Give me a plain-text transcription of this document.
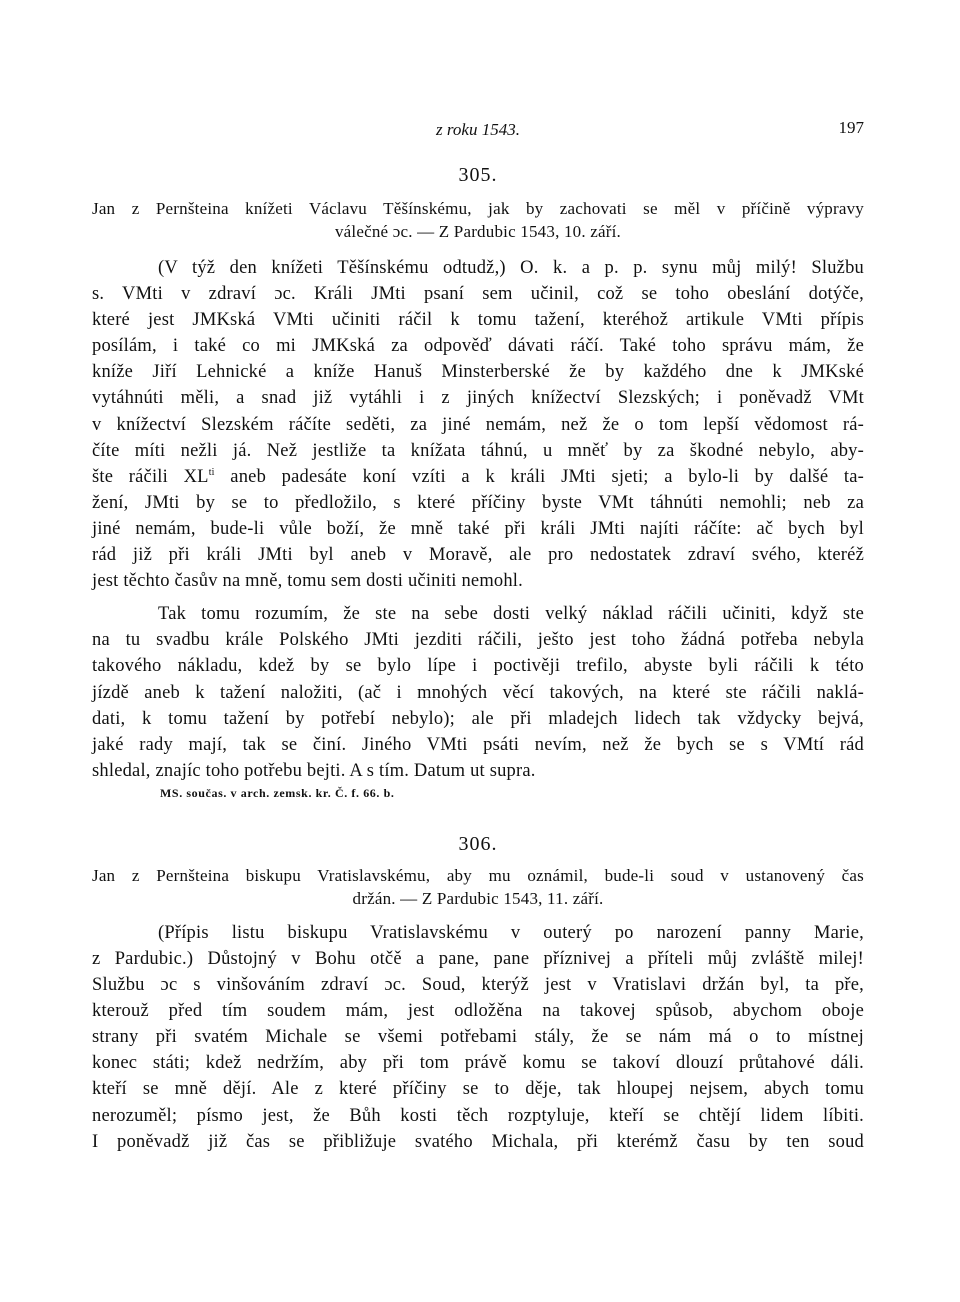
z roku 1543.	197

305.

Jan z Pernšteina knížeti Václavu Těšínskému, jak by zachovati se měl v příčině výpravy
válečné ɔc. — Z Pardubic 1543, 10. září.

(V týž den knížeti Těšínskému odtudž,) O. k. a p. p. synu můj milý! Službu
s. VMti v zdraví ɔc. Králi JMti psaní sem učinil, což se toho obeslání dotýče,
které jest JMKská VMti učiniti ráčil k tomu tažení, kteréhož artikule VMti přípis
posílám, i také co mi JMKská za odpověď dávati ráčí. Také toho správu mám, že
kníže Jiří Lehnické a kníže Hanuš Minsterberské že by každého dne k JMKské
vytáhnúti měli, a snad již vytáhli i z jiných knížectví Slezských; i poněvadž VMt
v knížectví Slezském ráčíte seděti, za jiné nemám, než že o tom lepší vědomost rá-
číte míti nežli já. Než jestliže ta knížata táhnú, u mněť by za škodné nebylo, aby-
šte ráčili $XL^{ti}$ aneb padesáte koní vzíti a k králi JMti sjeti; a bylo-li by dalšé ta-
žení, JMti by se to předložilo, s které příčiny byste VMt táhnúti nemohli; neb za
jiné nemám, bude-li vůle boží, že mně také při králi JMti najíti ráčíte: ač bych byl
rád již při králi JMti byl aneb v Moravě, ale pro nedostatek zdraví svého, kteréž
jest těchto časův na mně, tomu sem dosti učiniti nemohl.

Tak tomu rozumím, že ste na sebe dosti velký náklad ráčili učiniti, když ste
na tu svadbu krále Polského JMti jezditi ráčili, ješto jest toho žádná potřeba nebyla
takového nákladu, kdež by se bylo lípe i poctivěji trefilo, abyste byli ráčili k této
jízdě aneb k tažení naložiti, (ač i mnohých věcí takových, na které ste ráčili naklá-
dati, k tomu tažení by potřebí nebylo); ale při mladejch lidech tak vždycky bejvá,
jaké rady mají, tak se činí. Jiného VMti psáti nevím, než že bych se s VMtí rád
shledal, znajíc toho potřebu bejti. A s tím. Datum ut supra.

MS. součas. v arch. zemsk. kr. Č. f. 66. b.

306.

Jan z Pernšteina biskupu Vratislavskému, aby mu oznámil, bude-li soud v ustanovený čas
držán. — Z Pardubic 1543, 11. září.

(Přípis listu biskupu Vratislavskému v outerý po narození panny Marie,
z Pardubic.) Důstojný v Bohu otčě a pane, pane příznivej a příteli můj zvláště milej!
Službu ɔc s vinšováním zdraví ɔc. Soud, kterýž jest v Vratislavi držán byl, ta pře,
kterouž před tím soudem mám, jest odložěna na takovej spůsob, abychom oboje
strany při svatém Michale se všemi potřebami stály, že se nám má o to místnej
konec státi; kdež nedržím, aby při tom právě komu se takoví dlouzí průtahové dáli.
kteří se mně dějí. Ale z které příčiny se to děje, tak hloupej nejsem, abych tomu
nerozuměl; písmo jest, že Bůh kosti těch rozptyluje, kteří se chtějí lidem líbiti.
I poněvadž již čas se přibližuje svatého Michala, při kterémž času by ten soud
